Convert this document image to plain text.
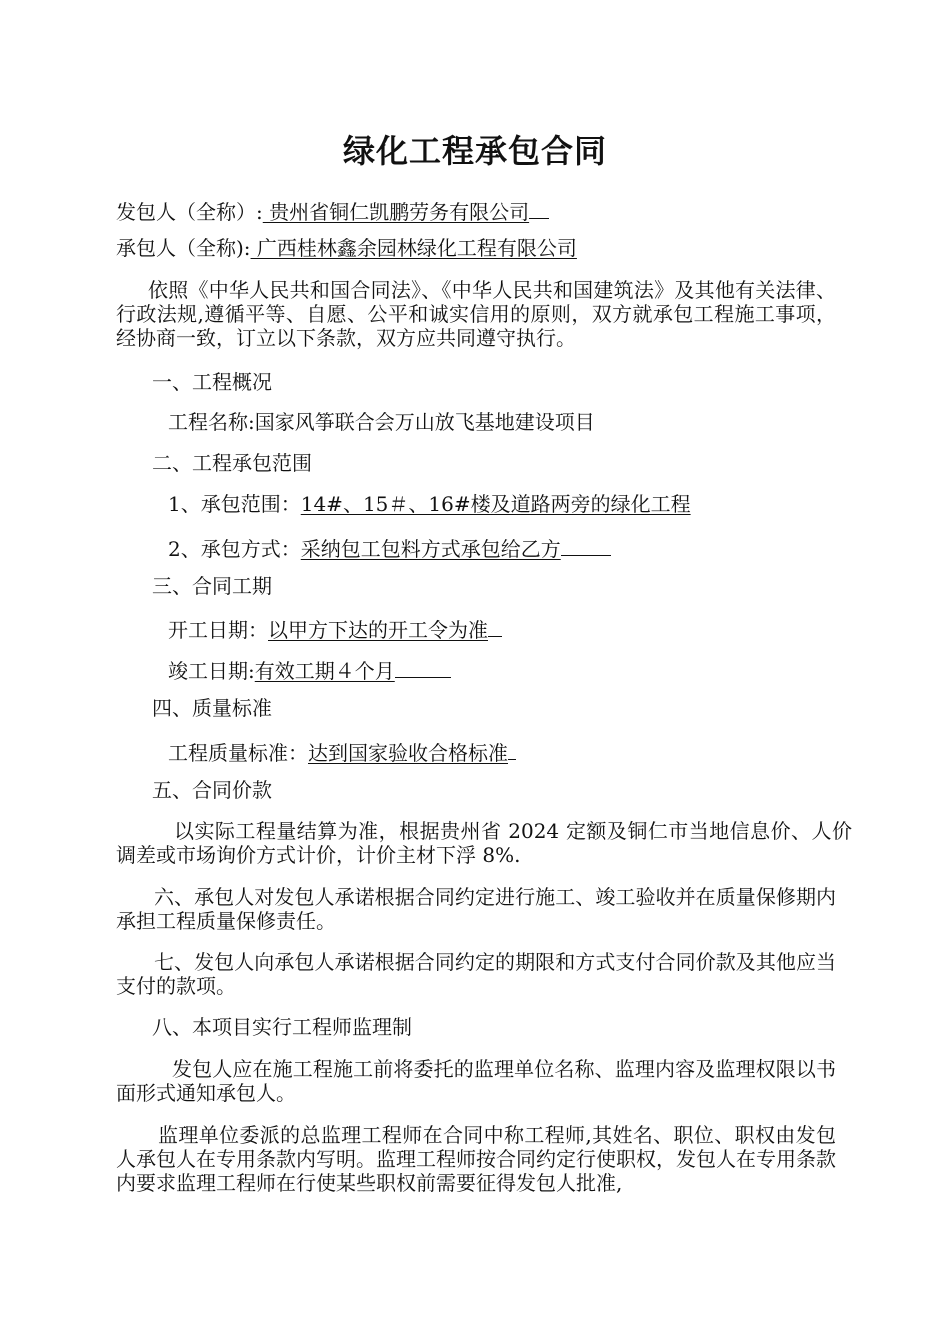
绿化工程承包合同
发包人（全称）: 贵州省铜仁凯鹏劳务有限公司
承包人（全称): 广西桂林鑫余园林绿化工程有限公司
依照《中华人民共和国合同法》、《中华人民共和国建筑法》及其他有关法律、行政法规,遵循平等、自愿、公平和诚实信用的原则，双方就承包工程施工事项，经协商一致，订立以下条款，双方应共同遵守执行。
一、工程概况
工程名称:国家风筝联合会万山放飞基地建设项目
二、工程承包范围
1、承包范围：14#、15＃、16#楼及道路两旁的绿化工程
2、承包方式：采纳包工包料方式承包给乙方
三、合同工期
开工日期：以甲方下达的开工令为准
竣工日期:有效工期４个月
四、质量标准
工程质量标准：达到国家验收合格标准
五、合同价款
以实际工程量结算为准，根据贵州省 2024 定额及铜仁市当地信息价、人价调差或市场询价方式计价，计价主材下浮 8%.
六、承包人对发包人承诺根据合同约定进行施工、竣工验收并在质量保修期内承担工程质量保修责任。
七、发包人向承包人承诺根据合同约定的期限和方式支付合同价款及其他应当支付的款项。
八、本项目实行工程师监理制
发包人应在施工程施工前将委托的监理单位名称、监理内容及监理权限以书面形式通知承包人。
监理单位委派的总监理工程师在合同中称工程师,其姓名、职位、职权由发包人承包人在专用条款内写明。监理工程师按合同约定行使职权，发包人在专用条款内要求监理工程师在行使某些职权前需要征得发包人批准,
